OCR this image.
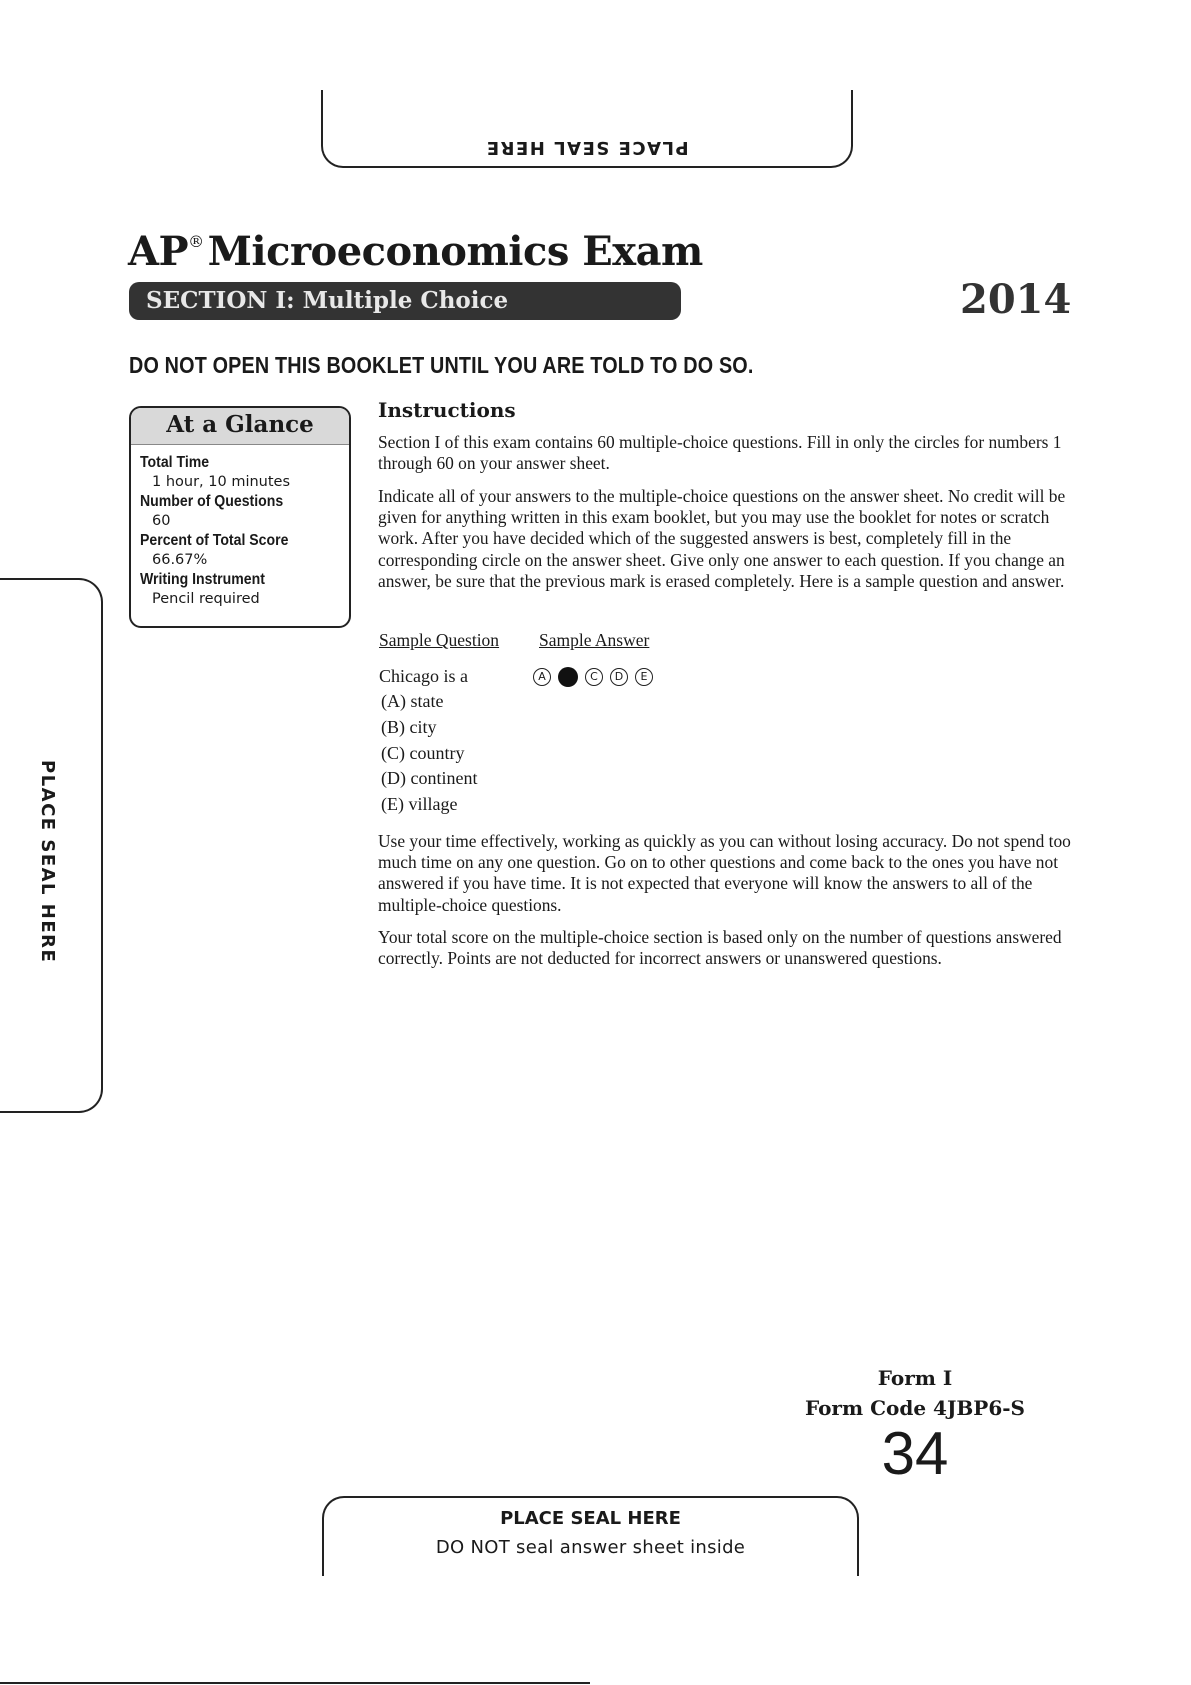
PLACE SEAL HERE
PLACE SEAL HERE
AP® Microeconomics Exam
SECTION I: Multiple Choice	2014
DO NOT OPEN THIS BOOKLET UNTIL YOU ARE TOLD TO DO SO.
At a Glance
Total Time
1 hour, 10 minutes
Number of Questions
60
Percent of Total Score
66.67%
Writing Instrument
Pencil required
Instructions
Section I of this exam contains 60 multiple-choice questions. Fill in only the circles for numbers 1 through 60 on your answer sheet.
Indicate all of your answers to the multiple-choice questions on the answer sheet. No credit will be given for anything written in this exam booklet, but you may use the booklet for notes or scratch work. After you have decided which of the suggested answers is best, completely fill in the corresponding circle on the answer sheet. Give only one answer to each question. If you change an answer, be sure that the previous mark is erased completely. Here is a sample question and answer.
Sample Question Sample Answer
Chicago is a
(A) state
(B) city
(C) country
(D) continent
(E) village
A	C	D	E
Use your time effectively, working as quickly as you can without losing accuracy. Do not spend too much time on any one question. Go on to other questions and come back to the ones you have not answered if you have time. It is not expected that everyone will know the answers to all of the multiple-choice questions.
Your total score on the multiple-choice section is based only on the number of questions answered correctly. Points are not deducted for incorrect answers or unanswered questions.
Form I
Form Code 4JBP6-S
34
PLACE SEAL HERE
DO NOT seal answer sheet inside
